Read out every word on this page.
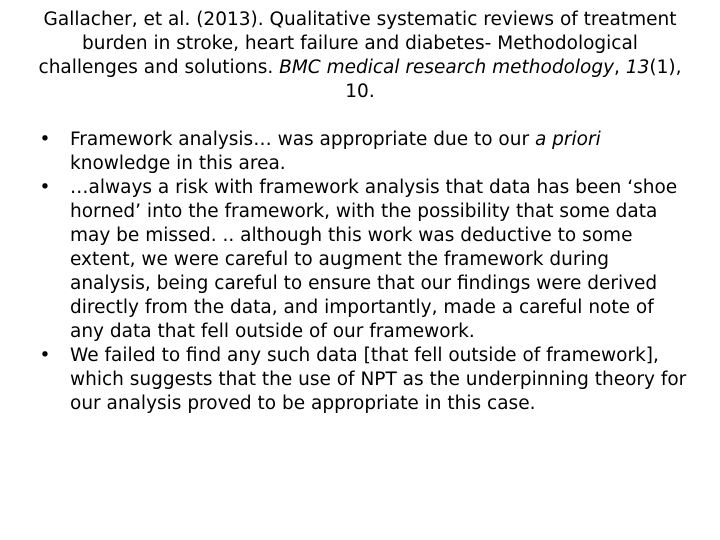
Gallacher, et al. (2013). Qualitative systematic reviews of treatment burden in stroke, heart failure and diabetes- Methodological challenges and solutions. BMC medical research methodology, 13(1), 10.
•	Framework analysis… was appropriate due to our a priori knowledge in this area.
•	…always a risk with framework analysis that data has been ‘shoe horned’ into the framework, with the possibility that some data may be missed. .. although this work was deductive to some extent, we were careful to augment the framework during analysis, being careful to ensure that our findings were derived directly from the data, and importantly, made a careful note of any data that fell outside of our framework.
•	We failed to find any such data [that fell outside of framework], which suggests that the use of NPT as the underpinning theory for our analysis proved to be appropriate in this case.
